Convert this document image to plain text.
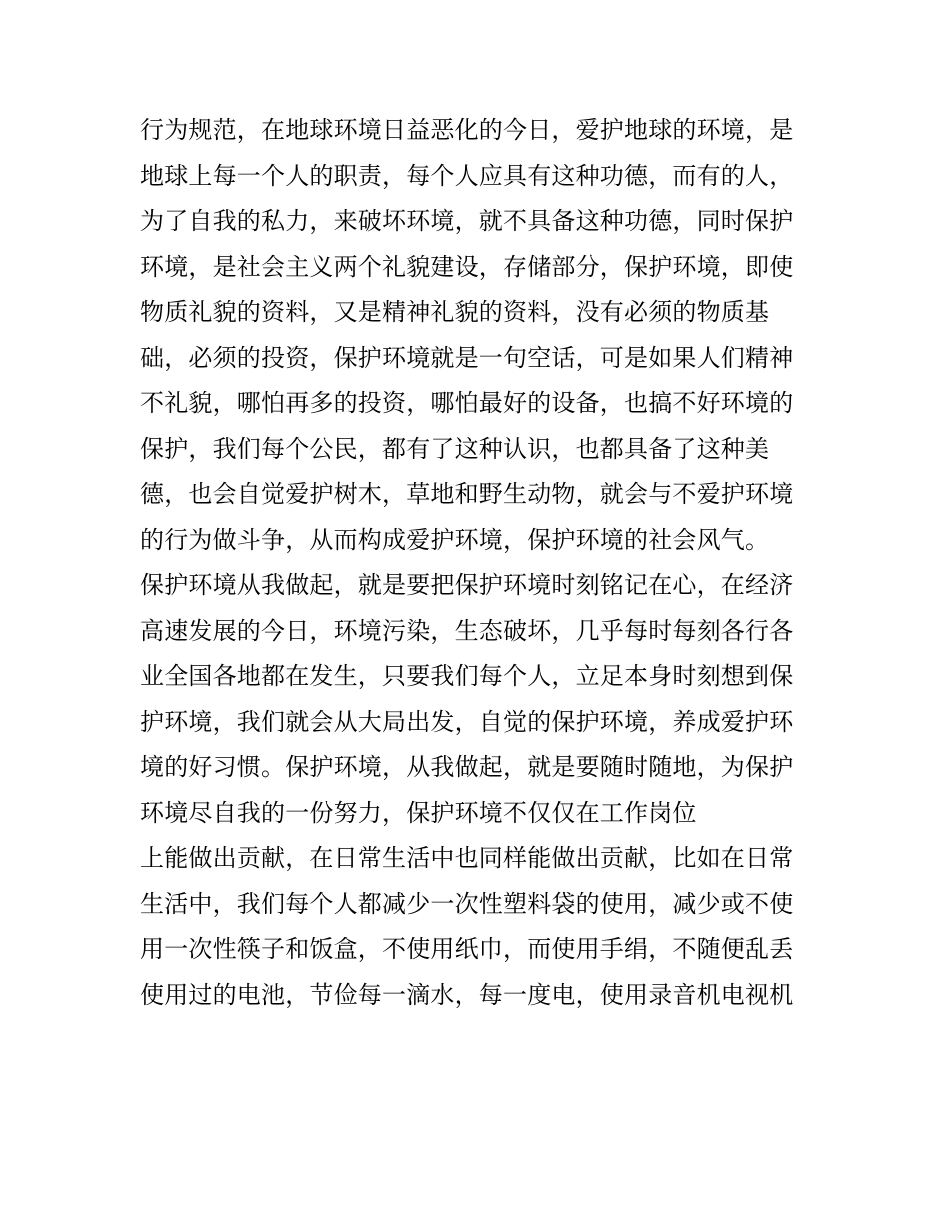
行为规范，在地球环境日益恶化的今日，爱护地球的环境，是
地球上每一个人的职责，每个人应具有这种功德，而有的人，
为了自我的私力，来破坏环境，就不具备这种功德，同时保护
环境，是社会主义两个礼貌建设，存储部分，保护环境，即使
物质礼貌的资料，又是精神礼貌的资料，没有必须的物质基
础，必须的投资，保护环境就是一句空话，可是如果人们精神
不礼貌，哪怕再多的投资，哪怕最好的设备，也搞不好环境的
保护，我们每个公民，都有了这种认识，也都具备了这种美
德，也会自觉爱护树木，草地和野生动物，就会与不爱护环境
的行为做斗争，从而构成爱护环境，保护环境的社会风气。
保护环境从我做起，就是要把保护环境时刻铭记在心，在经济
高速发展的今日，环境污染，生态破坏，几乎每时每刻各行各
业全国各地都在发生，只要我们每个人，立足本身时刻想到保
护环境，我们就会从大局出发，自觉的保护环境，养成爱护环
境的好习惯。保护环境，从我做起，就是要随时随地，为保护
环境尽自我的一份努力，保护环境不仅仅在工作岗位
上能做出贡献，在日常生活中也同样能做出贡献，比如在日常
生活中，我们每个人都减少一次性塑料袋的使用，减少或不使
用一次性筷子和饭盒，不使用纸巾，而使用手绢，不随便乱丢
使用过的电池，节俭每一滴水，每一度电，使用录音机电视机
